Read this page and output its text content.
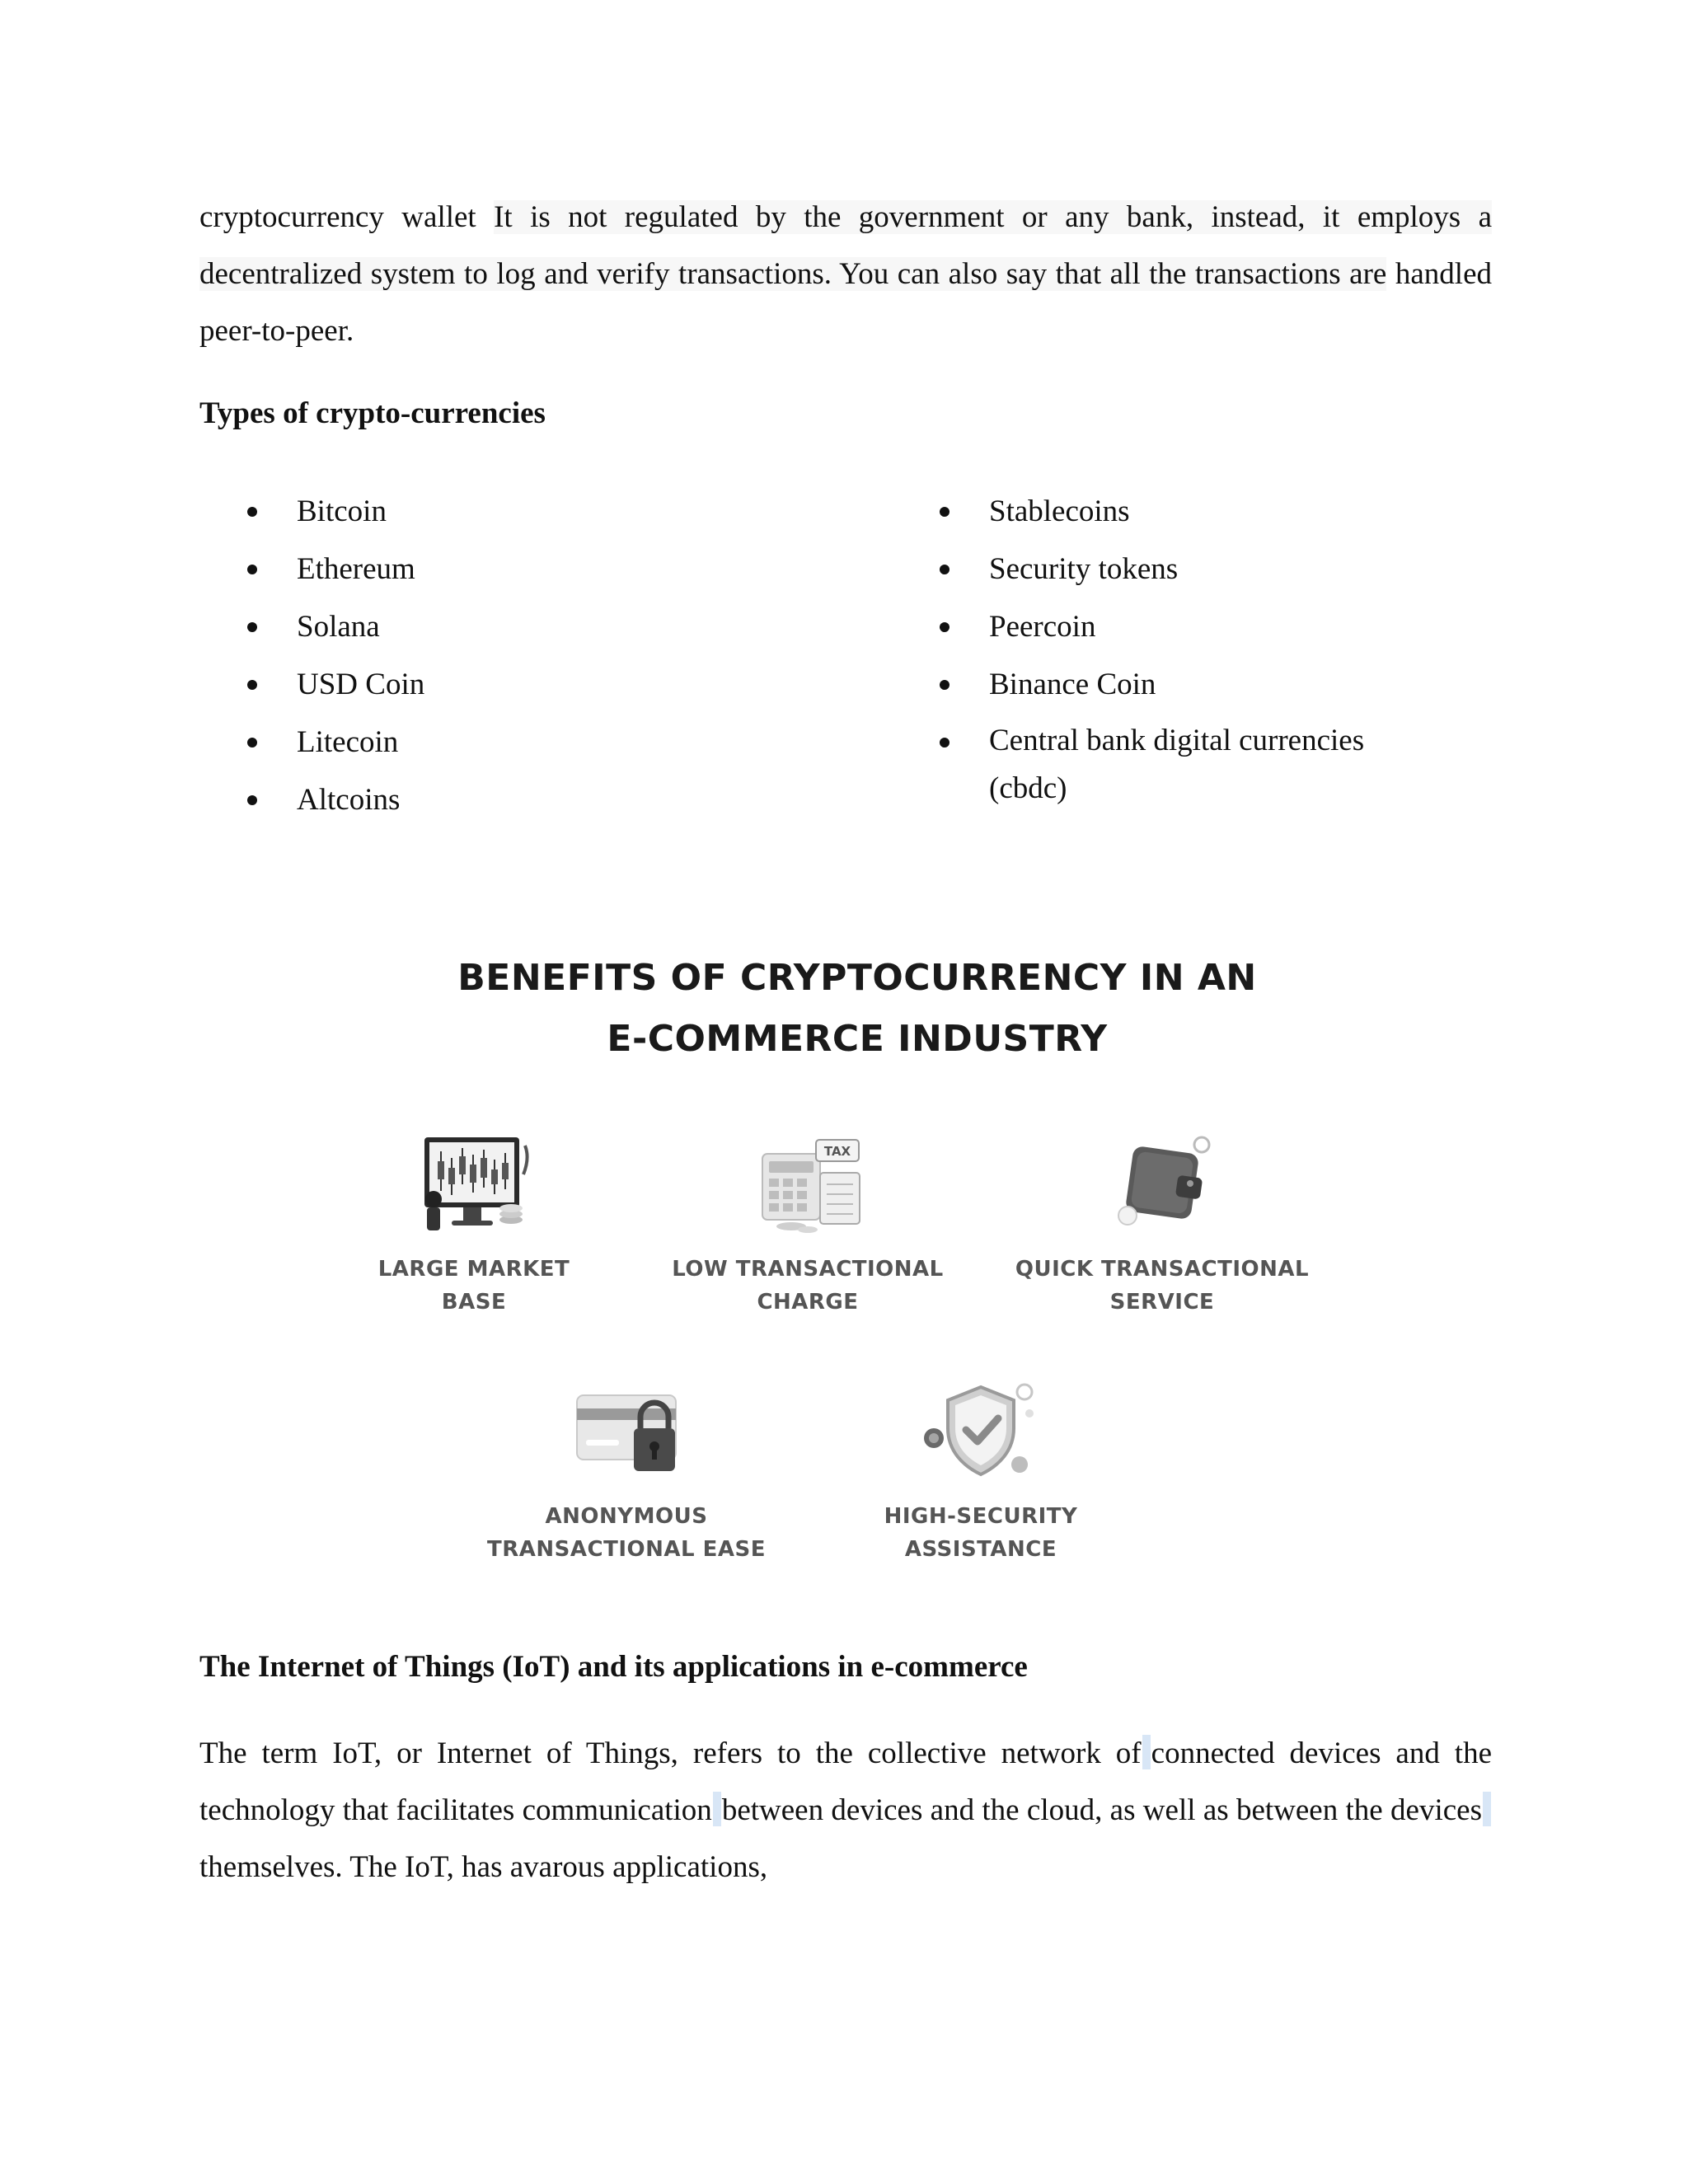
cryptocurrency wallet It is not regulated by the government or any bank, instead, it employs a decentralized system to log and verify transactions. You can also say that all the transactions are handled peer-to-peer.

Types of crypto-currencies
Bitcoin
Ethereum
Solana
USD Coin
Litecoin
Altcoins
Stablecoins
Security tokens
Peercoin
Binance Coin
Central bank digital currencies
(cbdc)
BENEFITS OF CRYPTOCURRENCY IN AN
E-COMMERCE INDUSTRY
LARGE MARKET
BASE
TAX
LOW TRANSACTIONAL
CHARGE
QUICK TRANSACTIONAL
SERVICE
ANONYMOUS
TRANSACTIONAL EASE
HIGH-SECURITY
ASSISTANCE
The Internet of Things (IoT) and its applications in e-commerce

The term IoT, or Internet of Things, refers to the collective network of connected devices and the technology that facilitates communication between devices and the cloud, as well as between the devicesthemselves. The IoT, has avarous applications,
